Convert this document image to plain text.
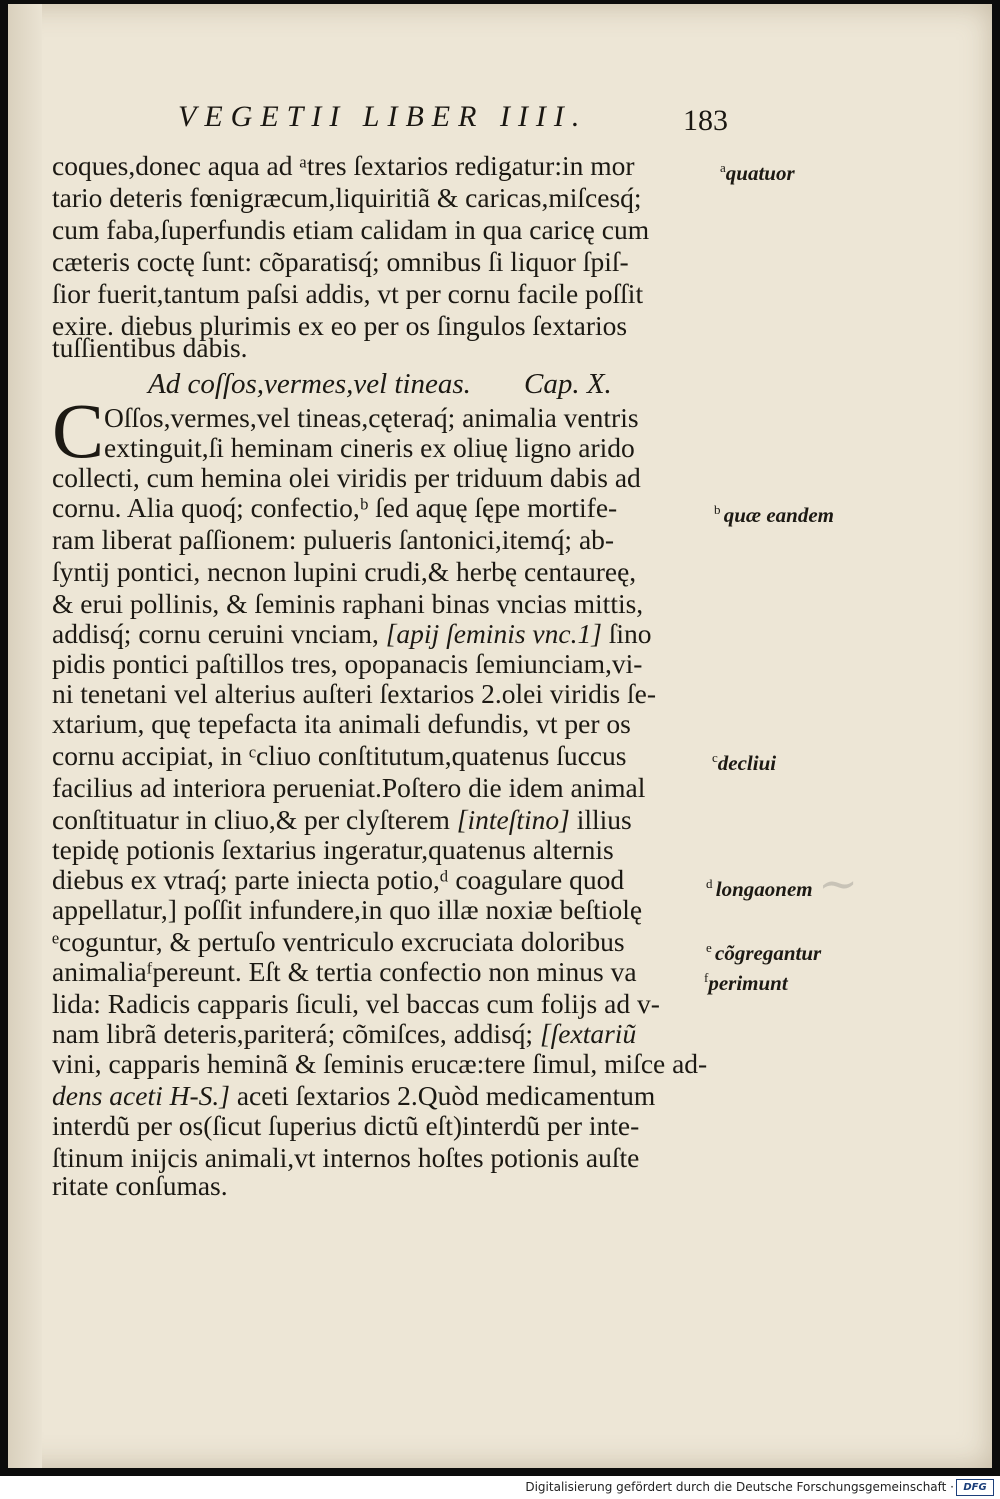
VEGETII LIBER IIII.	183
coques,donec aqua ad ᵃtres ſextarios redigatur:in mor
tario deteris fœnigræcum,liquiritiã & caricas,miſcesq́;
cum faba,ſuperfundis etiam calidam in qua caricę cum
cæteris coctę ſunt: cõparatisq́; omnibus ſi liquor ſpiſ-
ſior fuerit,tantum paſsi addis, vt per cornu facile poſſit
exire. diebus plurimis ex eo per os ſingulos ſextarios
tuſſientibus dabis.
Ad coſſos,vermes,vel tineas. Cap. X.
C Oſſos,vermes,vel tineas,cęteraq́; animalia ventris
extinguit,ſi heminam cineris ex oliuę ligno arido
collecti, cum hemina olei viridis per triduum dabis ad
cornu. Alia quoq́; confectio,ᵇ ſed aquę ſępe mortife-
ram liberat paſſionem: pulueris ſantonici,itemq́; ab-
ſyntij pontici, necnon lupini crudi,& herbę centaureę,
& erui pollinis, & ſeminis raphani binas vncias mittis,
addisq́; cornu ceruini vnciam, [apij ſeminis vnc.1] ſino
pidis pontici paſtillos tres, opopanacis ſemiunciam,vi-
ni tenetani vel alterius auſteri ſextarios 2.olei viridis ſe-
xtarium, quę tepefacta ita animali defundis, vt per os
cornu accipiat, in ᶜcliuo conſtitutum,quatenus ſuccus
facilius ad interiora perueniat.Poſtero die idem animal
conſtituatur in cliuo,& per clyſterem [inteſtino] illius
tepidę potionis ſextarius ingeratur,quatenus alternis
diebus ex vtraq́; parte iniecta potio,ᵈ coagulare quod
appellatur,] poſſit infundere,in quo illæ noxiæ beſtiolę
ᵉcoguntur, & pertuſo ventriculo excruciata doloribus
animaliaᶠpereunt. Eſt & tertia confectio non minus va
lida: Radicis capparis ſiculi, vel baccas cum folijs ad v-
nam librã deteris,pariterá; cõmiſces, addisq́; [ſextariũ
vini, capparis heminã & ſeminis erucæ:tere ſimul, miſce ad-
dens aceti H-S.] aceti ſextarios 2.Quòd medicamentum
interdũ per os(ſicut ſuperius dictũ eſt)interdũ per inte-
ſtinum inijcis animali,vt internos hoſtes potionis auſte
ritate conſumas.
$^a$quatuor
$^b$ quæ eandem
$^c$decliui
$^d$ longaonem
$^e$ cõgregantur
$^f$perimunt
~
Digitalisierung gefördert durch die Deutsche Forschungsgemeinschaft · DFG
